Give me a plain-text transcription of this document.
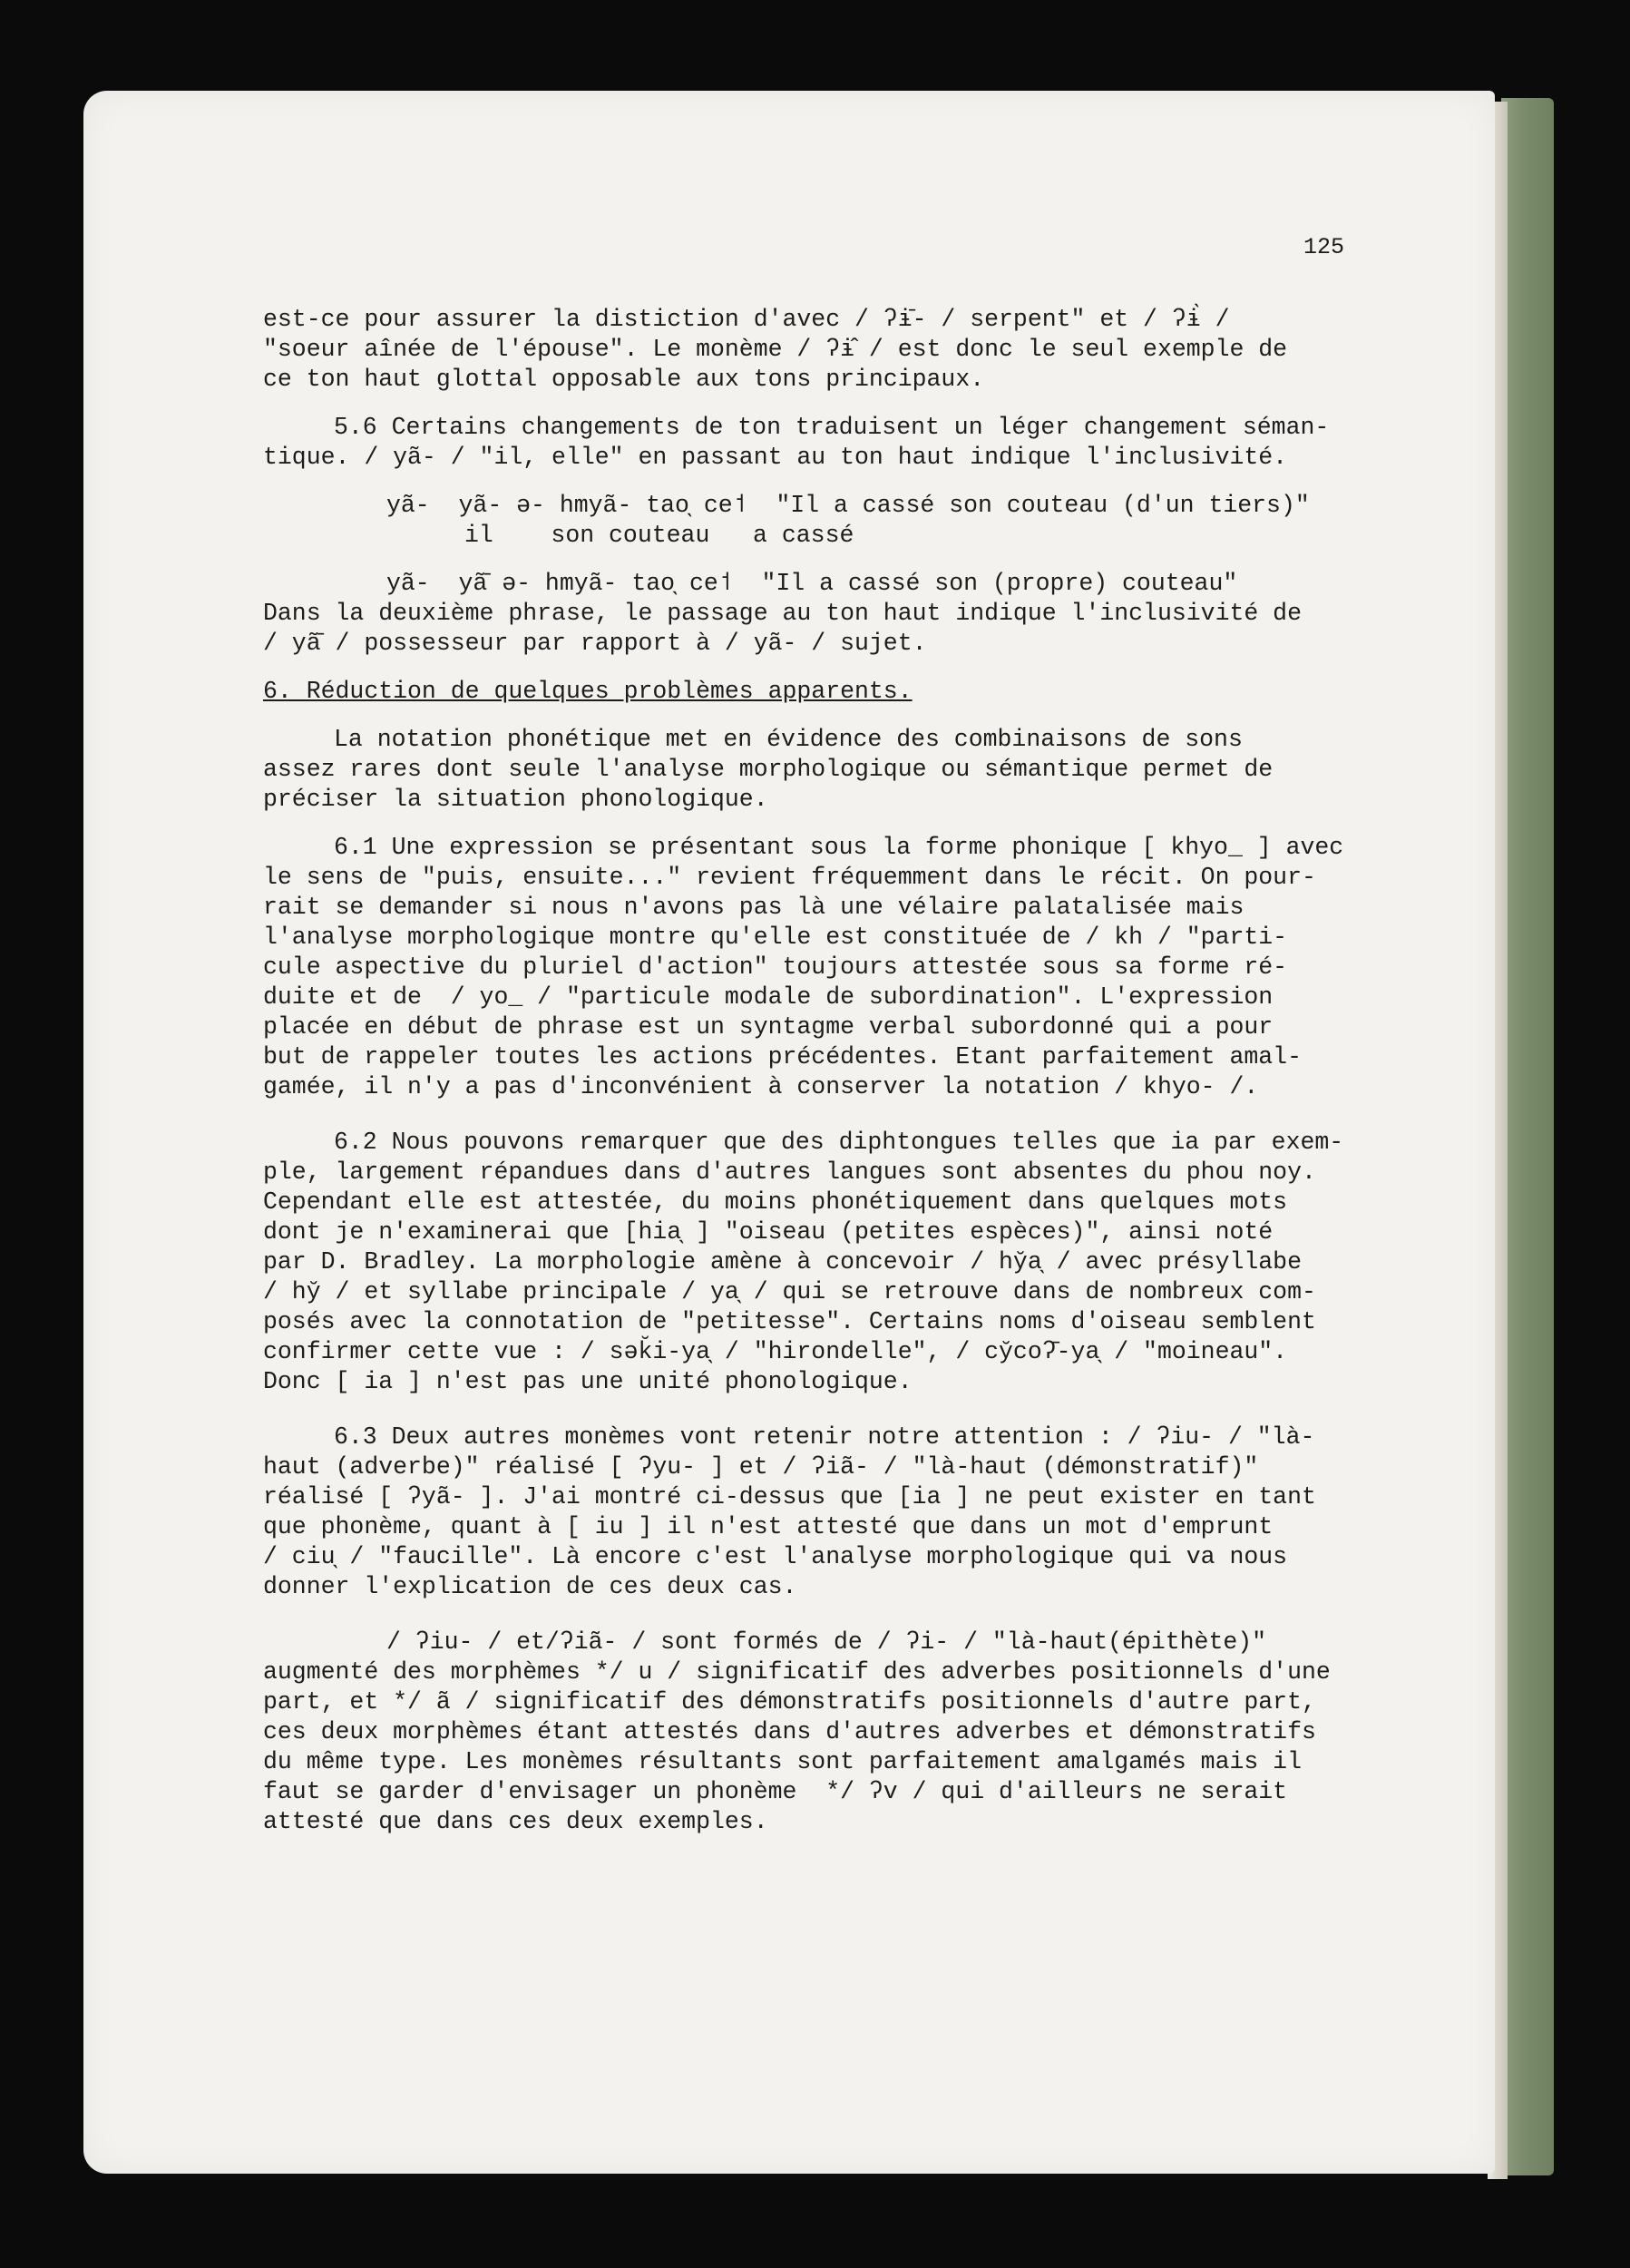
125

est-ce pour assurer la distiction d'avec / ʔɨ̄- / serpent" et / ʔɨ̀ /

"soeur aînée de l'épouse". Le monème / ʔɨ̂ / est donc le seul exemple de

ce ton haut glottal opposable aux tons principaux.

5.6 Certains changements de ton traduisent un léger changement séman-

tique. / yã- / "il, elle" en passant au ton haut indique l'inclusivité.

yã-  yã- ə- hmyã- tao̖ ce˦  "Il a cassé son couteau (d'un tiers)"

il    son couteau   a cassé

yã-  yã̄ ə- hmyã- tao̖ ce˦  "Il a cassé son (propre) couteau"

Dans la deuxième phrase, le passage au ton haut indique l'inclusivité de

/ yã̄ / possesseur par rapport à / yã- / sujet.

6. Réduction de quelques problèmes apparents.

La notation phonétique met en évidence des combinaisons de sons

assez rares dont seule l'analyse morphologique ou sémantique permet de

préciser la situation phonologique.

6.1 Une expression se présentant sous la forme phonique [ khyo_ ] avec

le sens de "puis, ensuite..." revient fréquemment dans le récit. On pour-

rait se demander si nous n'avons pas là une vélaire palatalisée mais

l'analyse morphologique montre qu'elle est constituée de / kh / "parti-

cule aspective du pluriel d'action" toujours attestée sous sa forme ré-

duite et de  / yo_ / "particule modale de subordination". L'expression

placée en début de phrase est un syntagme verbal subordonné qui a pour

but de rappeler toutes les actions précédentes. Etant parfaitement amal-

gamée, il n'y a pas d'inconvénient à conserver la notation / khyo- /.

6.2 Nous pouvons remarquer que des diphtongues telles que ia par exem-

ple, largement répandues dans d'autres langues sont absentes du phou noy.

Cependant elle est attestée, du moins phonétiquement dans quelques mots

dont je n'examinerai que [hia̖ ] "oiseau (petites espèces)", ainsi noté

par D. Bradley. La morphologie amène à concevoir / hy̆a̖ / avec présyllabe

/ hy̆ / et syllabe principale / ya̖ / qui se retrouve dans de nombreux com-

posés avec la connotation de "petitesse". Certains noms d'oiseau semblent

confirmer cette vue : / sək̆i-ya̖ / "hirondelle", / cy̆coʔ̄-ya̖ / "moineau".

Donc [ ia ] n'est pas une unité phonologique.

6.3 Deux autres monèmes vont retenir notre attention : / ʔiu- / "là-

haut (adverbe)" réalisé [ ʔyu- ] et / ʔiã- / "là-haut (démonstratif)"

réalisé [ ʔyã- ]. J'ai montré ci-dessus que [ia ] ne peut exister en tant

que phonème, quant à [ iu ] il n'est attesté que dans un mot d'emprunt

/ ciu̖ / "faucille". Là encore c'est l'analyse morphologique qui va nous

donner l'explication de ces deux cas.

/ ʔiu- / et/ʔiã- / sont formés de / ʔi- / "là-haut(épithète)"

augmenté des morphèmes */ u / significatif des adverbes positionnels d'une

part, et */ ã / significatif des démonstratifs positionnels d'autre part,

ces deux morphèmes étant attestés dans d'autres adverbes et démonstratifs

du même type. Les monèmes résultants sont parfaitement amalgamés mais il

faut se garder d'envisager un phonème  */ ʔv / qui d'ailleurs ne serait

attesté que dans ces deux exemples.
